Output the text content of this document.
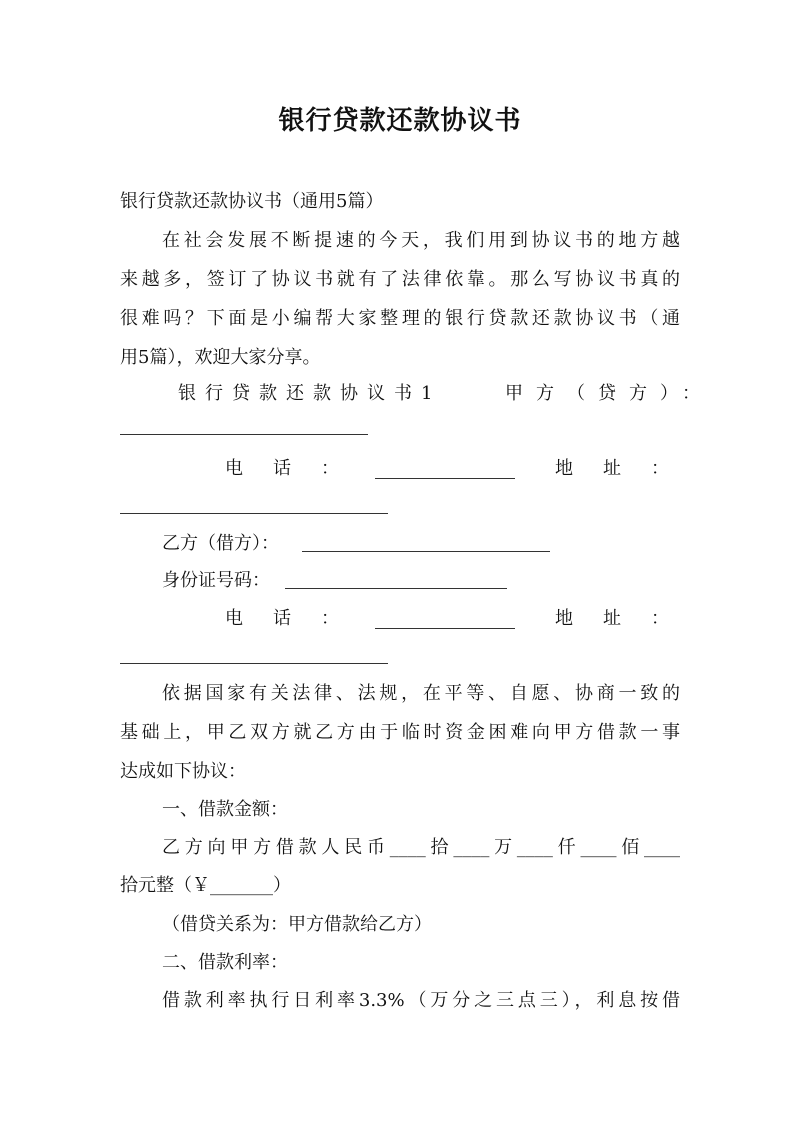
银行贷款还款协议书
银行贷款还款协议书（通用5篇）
在社会发展不断提速的今天，我们用到协议书的地方越
来越多，签订了协议书就有了法律依靠。那么写协议书真的
很难吗？下面是小编帮大家整理的银行贷款还款协议书（通
用5篇），欢迎大家分享。
银行贷款还款协议书1	甲方（贷方）：
电话：	地址：
乙方（借方）：
身份证号码：
电话：	地址：
依据国家有关法律、法规，在平等、自愿、协商一致的
基础上，甲乙双方就乙方由于临时资金困难向甲方借款一事
达成如下协议：
一、借款金额：
乙方向甲方借款人民币____拾____万____仟____佰____
拾元整（￥_______）
（借贷关系为：甲方借款给乙方）
二、借款利率：
借款利率执行日利率3.3%（万分之三点三），利息按借
